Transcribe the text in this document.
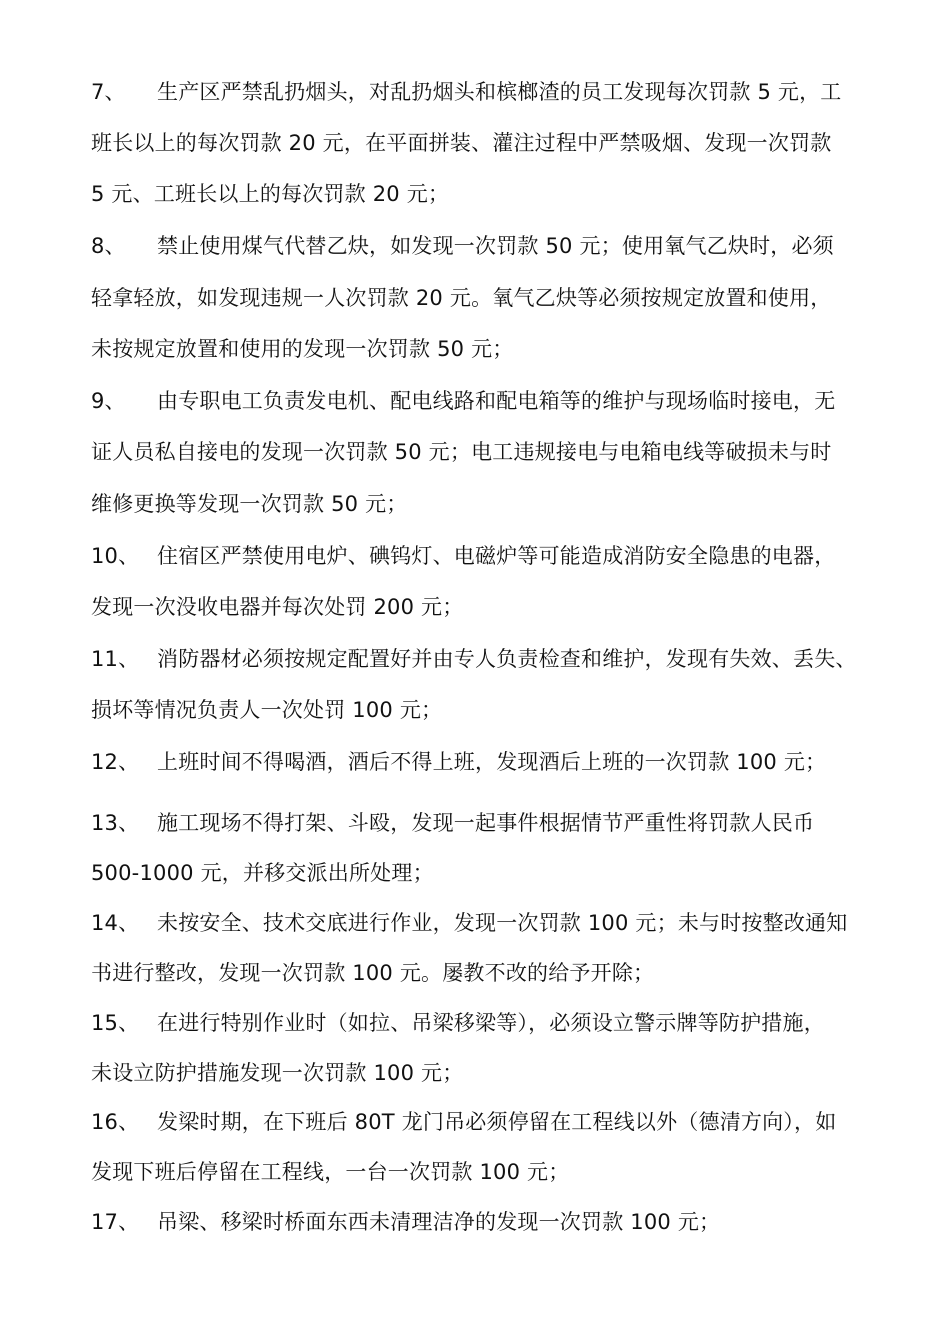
7、 生产区严禁乱扔烟头，对乱扔烟头和槟榔渣的员工发现每次罚款 5 元，工
班长以上的每次罚款 20 元，在平面拼装、灌注过程中严禁吸烟、发现一次罚款
5 元、工班长以上的每次罚款 20 元；
8、 禁止使用煤气代替乙炔，如发现一次罚款 50 元；使用氧气乙炔时，必须
轻拿轻放，如发现违规一人次罚款 20 元。氧气乙炔等必须按规定放置和使用，
未按规定放置和使用的发现一次罚款 50 元；
9、 由专职电工负责发电机、配电线路和配电箱等的维护与现场临时接电，无
证人员私自接电的发现一次罚款 50 元；电工违规接电与电箱电线等破损未与时
维修更换等发现一次罚款 50 元；
10、 住宿区严禁使用电炉、碘钨灯、电磁炉等可能造成消防安全隐患的电器，
发现一次没收电器并每次处罚 200 元；
11、 消防器材必须按规定配置好并由专人负责检查和维护，发现有失效、丢失、
损坏等情况负责人一次处罚 100 元；
12、 上班时间不得喝酒，酒后不得上班，发现酒后上班的一次罚款 100 元；
13、 施工现场不得打架、斗殴，发现一起事件根据情节严重性将罚款人民币
500-1000 元，并移交派出所处理；
14、 未按安全、技术交底进行作业，发现一次罚款 100 元；未与时按整改通知
书进行整改，发现一次罚款 100 元。屡教不改的给予开除；
15、 在进行特别作业时（如拉、吊梁移梁等），必须设立警示牌等防护措施，
未设立防护措施发现一次罚款 100 元；
16、 发梁时期，在下班后 80T 龙门吊必须停留在工程线以外（德清方向），如
发现下班后停留在工程线，一台一次罚款 100 元；
17、 吊梁、移梁时桥面东西未清理洁净的发现一次罚款 100 元；
